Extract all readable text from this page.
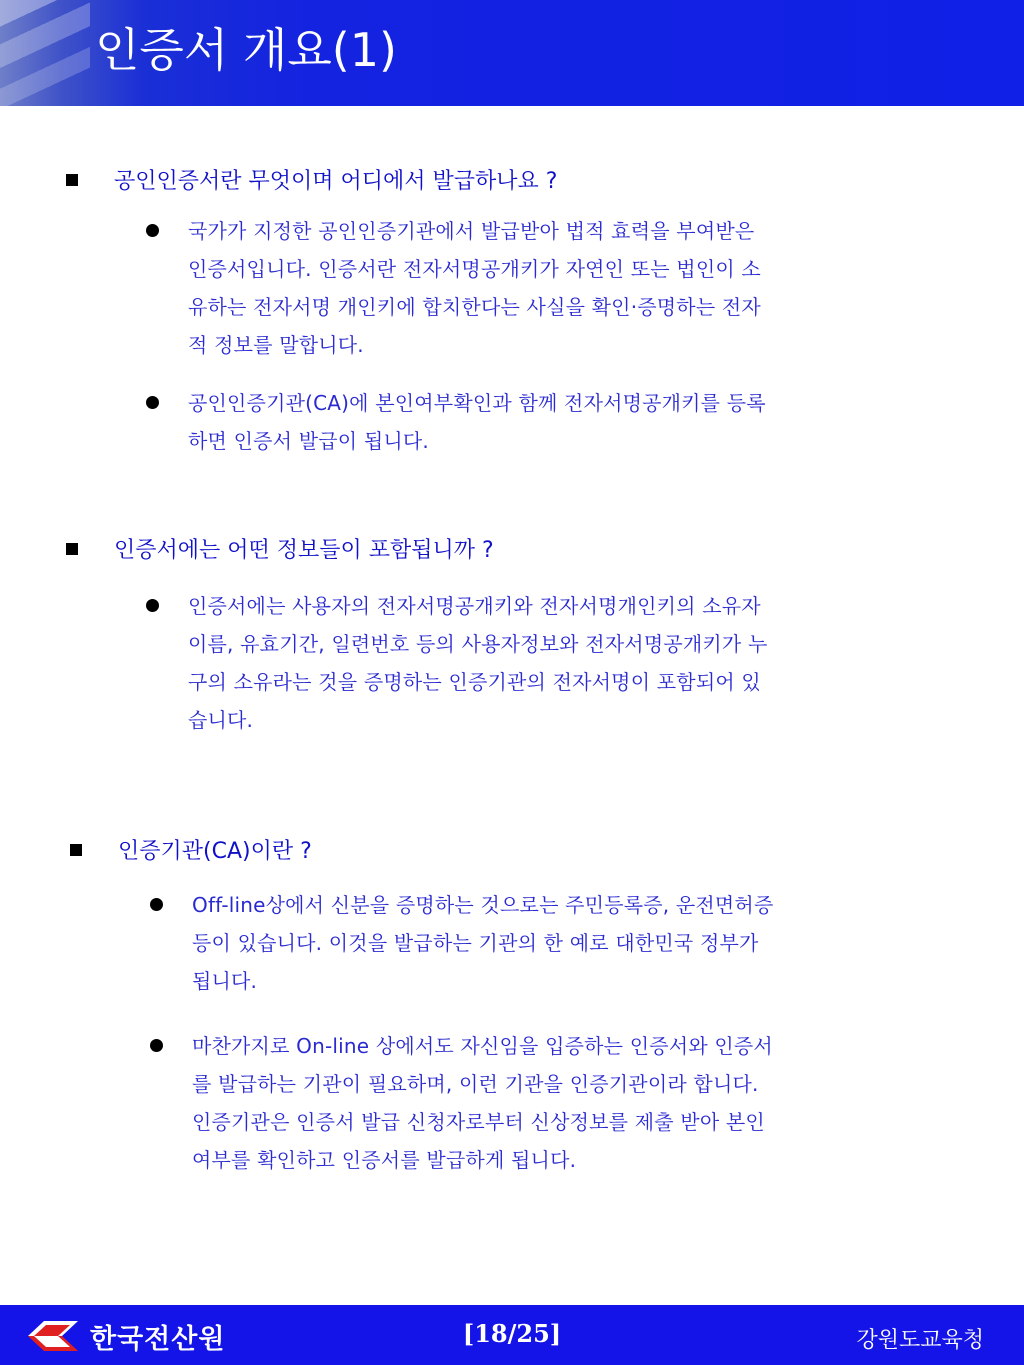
인증서 개요(1)
공인인증서란 무엇이며 어디에서 발급하나요 ?
국가가 지정한 공인인증기관에서 발급받아 법적 효력을 부여받은
인증서입니다. 인증서란 전자서명공개키가 자연인 또는 법인이 소
유하는 전자서명 개인키에 합치한다는 사실을 확인·증명하는 전자
적 정보를 말합니다.
공인인증기관(CA)에 본인여부확인과 함께 전자서명공개키를 등록
하면 인증서 발급이 됩니다.
인증서에는 어떤 정보들이 포함됩니까 ?
인증서에는 사용자의 전자서명공개키와 전자서명개인키의 소유자
이름, 유효기간, 일련번호 등의 사용자정보와 전자서명공개키가 누
구의 소유라는 것을 증명하는 인증기관의 전자서명이 포함되어 있
습니다.
인증기관(CA)이란 ?
Off-line상에서 신분을 증명하는 것으로는 주민등록증, 운전면허증
등이 있습니다. 이것을 발급하는 기관의 한 예로 대한민국 정부가
됩니다.
마찬가지로 On-line 상에서도 자신임을 입증하는 인증서와 인증서
를 발급하는 기관이 필요하며, 이런 기관을 인증기관이라 합니다.
인증기관은 인증서 발급 신청자로부터 신상정보를 제출 받아 본인
여부를 확인하고 인증서를 발급하게 됩니다.
한국전산원	[18/25]	강원도교육청
